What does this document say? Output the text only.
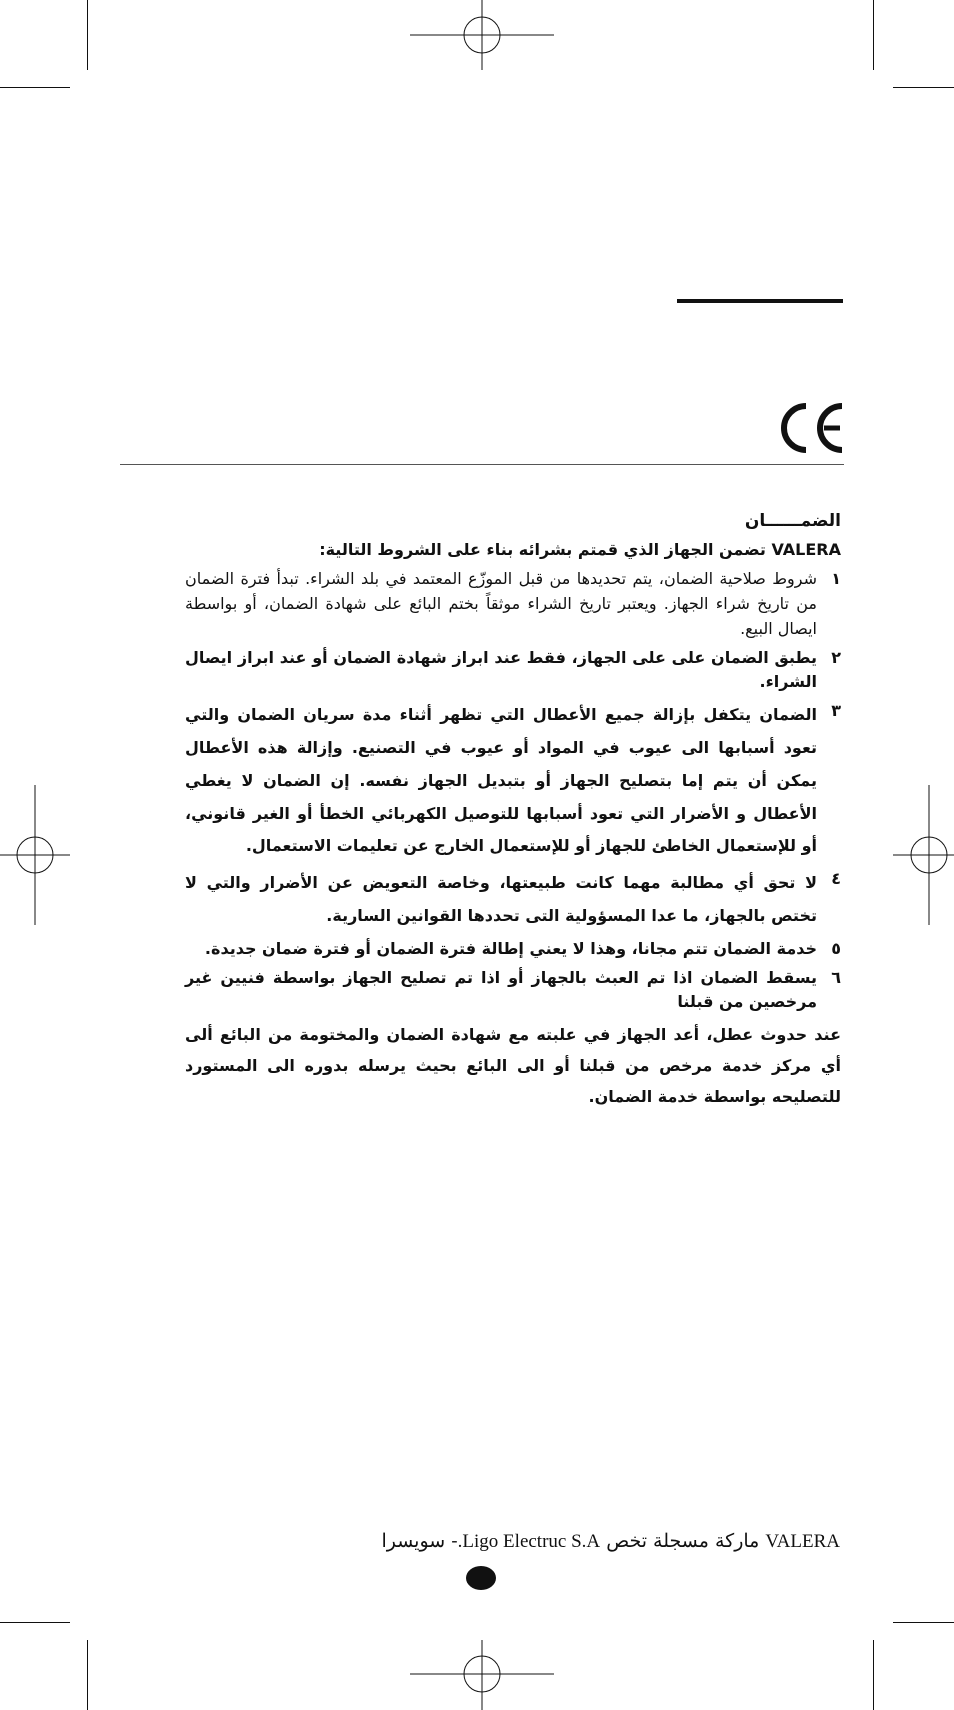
الضمــــــان
VALERA تضمن الجهاز الذي قمتم بشرائه بناء على الشروط التالية:
١
شروط صلاحية الضمان، يتم تحديدها من قبل الموزّع المعتمد في بلد الشراء. تبدأ فترة الضمان من تاريخ شراء الجهاز. ويعتبر تاريخ الشراء موثقاً بختم البائع على شهادة الضمان، أو بواسطة ايصال البيع.
٢
يطبق الضمان على على الجهاز، فقط عند ابراز شهادة الضمان أو عند ابراز ايصال الشراء.
٣
الضمان يتكفل بإزالة جميع الأعطال التي تظهر أثناء مدة سريان الضمان والتي تعود أسبابها الى عيوب في المواد أو عيوب في التصنيع. وإزالة هذه الأعطال يمكن أن يتم إما بتصليح الجهاز أو بتبديل الجهاز نفسه. إن الضمان لا يغطي الأعطال و الأضرار التي تعود أسبابها للتوصيل الكهربائي الخطأ أو الغير قانوني، أو للإستعمال الخاطئ للجهاز أو للإستعمال الخارج عن تعليمات الاستعمال.
٤
لا تحق أي مطالبة مهما كانت طبيعتها، وخاصة التعويض عن الأضرار والتي لا تختص بالجهاز، ما عدا المسؤولية التى تحددها القوانين السارية.
٥
خدمة الضمان تتم مجانا، وهذا لا يعني إطالة فترة الضمان أو فترة ضمان جديدة.
٦
يسقط الضمان اذا تم العبث بالجهاز أو اذا تم تصليح الجهاز بواسطة فنيين غير مرخصين من قبلنا
عند حدوث عطل، أعد الجهاز في علبته مع شهادة الضمان والمختومة من البائع ألى أي مركز خدمة مرخص من قبلنا أو الى البائع بحيث يرسله بدوره الى المستورد للتصليحه بواسطة خدمة الضمان.
VALERA ماركة مسجلة تخص Ligo Electruc S.A.- سويسرا
